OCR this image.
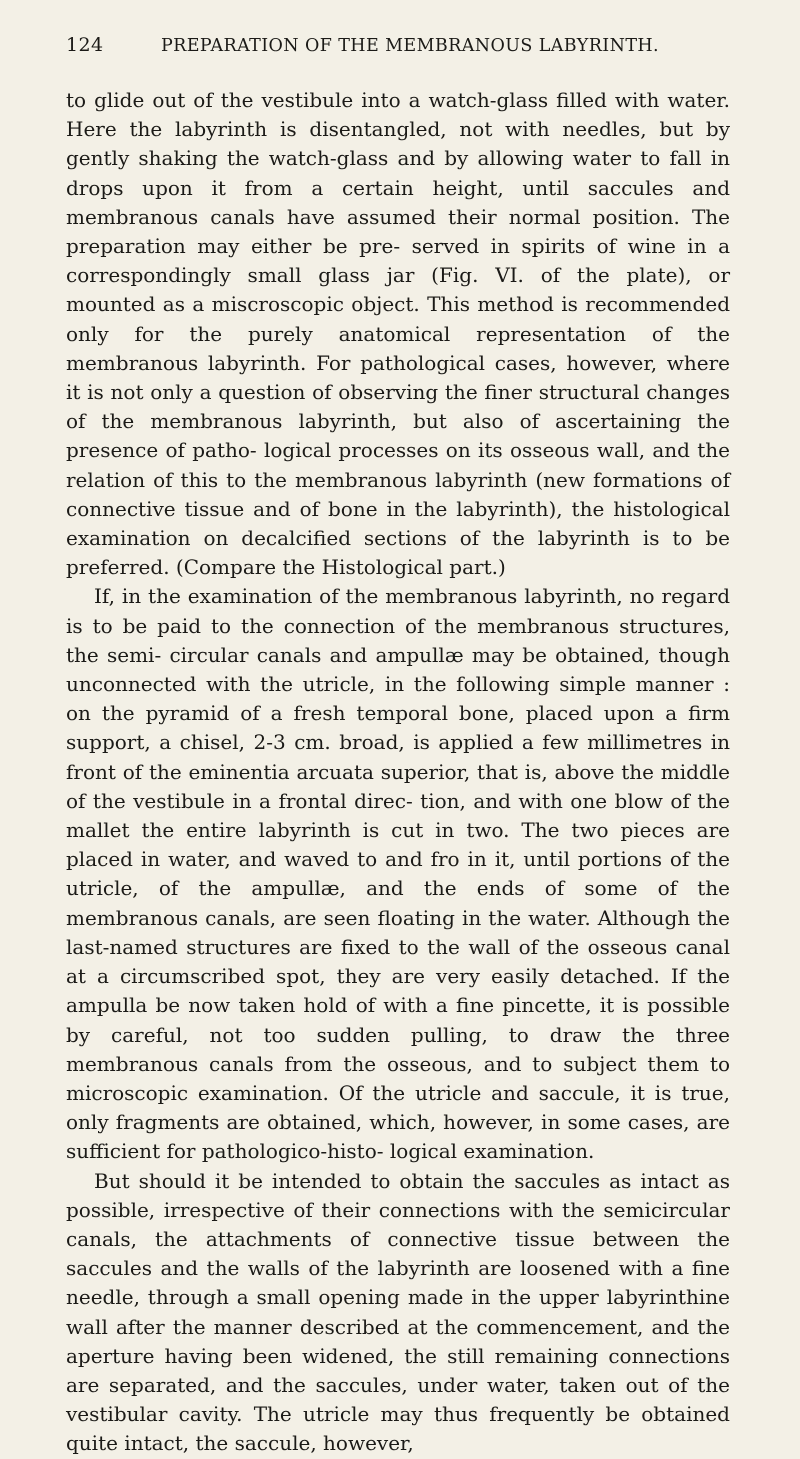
124	PREPARATION OF THE MEMBRANOUS LABYRINTH.

to glide out of the vestibule into a watch-glass filled with water. Here the labyrinth is disentangled, not with needles, but by gently shaking the watch-glass and by allowing water to fall in drops upon it from a certain height, until saccules and membranous canals have assumed their normal position. The preparation may either be pre- served in spirits of wine in a correspondingly small glass jar (Fig. VI. of the plate), or mounted as a miscroscopic object. This method is recommended only for the purely anatomical representation of the membranous labyrinth. For pathological cases, however, where it is not only a question of observing the finer structural changes of the membranous labyrinth, but also of ascertaining the presence of patho- logical processes on its osseous wall, and the relation of this to the membranous labyrinth (new formations of connective tissue and of bone in the labyrinth), the histological examination on decalcified sections of the labyrinth is to be preferred. (Compare the Histological part.)

If, in the examination of the membranous labyrinth, no regard is to be paid to the connection of the membranous structures, the semi- circular canals and ampullæ may be obtained, though unconnected with the utricle, in the following simple manner : on the pyramid of a fresh temporal bone, placed upon a firm support, a chisel, 2-3 cm. broad, is applied a few millimetres in front of the eminentia arcuata superior, that is, above the middle of the vestibule in a frontal direc- tion, and with one blow of the mallet the entire labyrinth is cut in two. The two pieces are placed in water, and waved to and fro in it, until portions of the utricle, of the ampullæ, and the ends of some of the membranous canals, are seen floating in the water. Although the last-named structures are fixed to the wall of the osseous canal at a circumscribed spot, they are very easily detached. If the ampulla be now taken hold of with a fine pincette, it is possible by careful, not too sudden pulling, to draw the three membranous canals from the osseous, and to subject them to microscopic examination. Of the utricle and saccule, it is true, only fragments are obtained, which, however, in some cases, are sufficient for pathologico-histo- logical examination.

But should it be intended to obtain the saccules as intact as possible, irrespective of their connections with the semicircular canals, the attachments of connective tissue between the saccules and the walls of the labyrinth are loosened with a fine needle, through a small opening made in the upper labyrinthine wall after the manner described at the commencement, and the aperture having been widened, the still remaining connections are separated, and the saccules, under water, taken out of the vestibular cavity. The utricle may thus frequently be obtained quite intact, the saccule, however,
